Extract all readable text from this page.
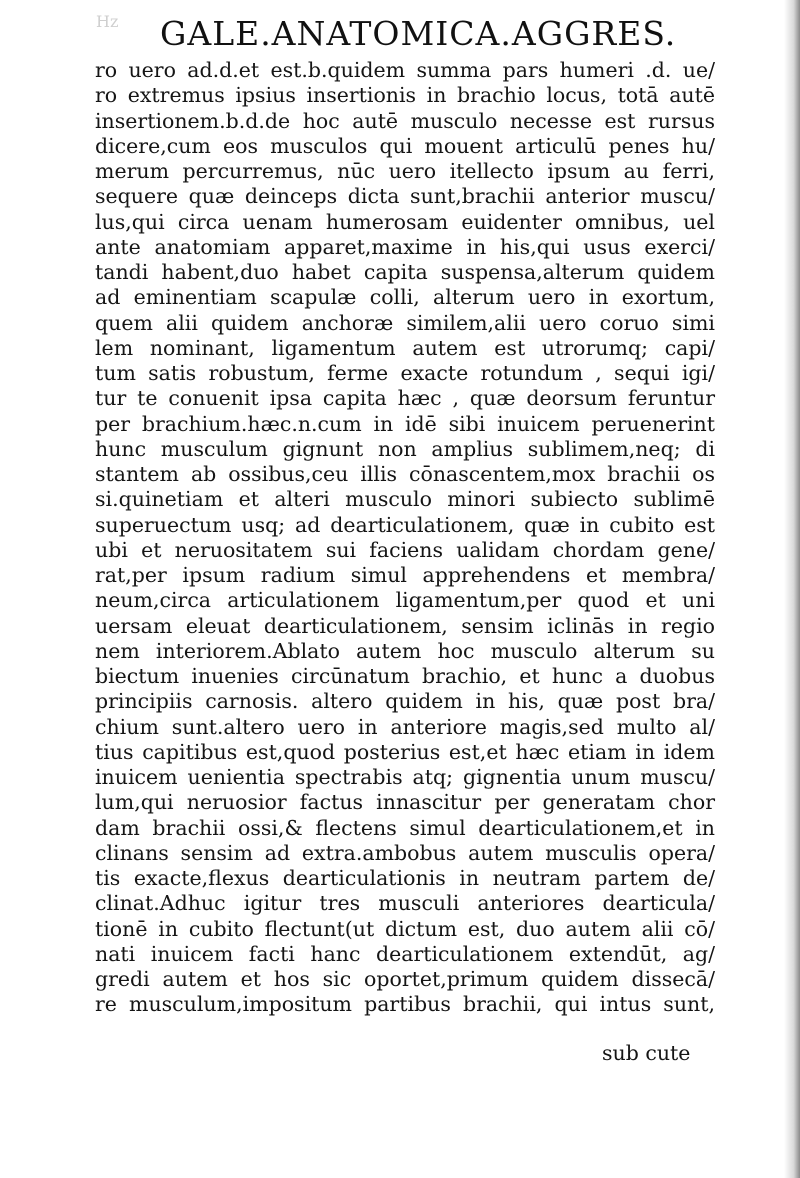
Hz	GALE.ANATOMICA.AGGRES.
ro uero ad.d.et est.b.quidem summa pars humeri .d. ue/
ro extremus ipsius insertionis in brachio locus, totā autē
insertionem.b.d.de hoc autē musculo necesse est rursus
dicere,cum eos musculos qui mouent articulū penes hu/
merum percurremus, nūc uero itellecto ipsum au ferri,
sequere quæ deinceps dicta sunt,brachii anterior muscu/
lus,qui circa uenam humerosam euidenter omnibus, uel
ante anatomiam apparet,maxime in his,qui usus exerci/
tandi habent,duo habet capita suspensa,alterum quidem
ad eminentiam scapulæ colli, alterum uero in exortum,
quem alii quidem anchoræ similem,alii uero coruo simi
lem nominant, ligamentum autem est utrorumq; capi/
tum satis robustum, ferme exacte rotundum , sequi igi/
tur te conuenit ipsa capita hæc , quæ deorsum feruntur
per brachium.hæc.n.cum in idē sibi inuicem peruenerint
hunc musculum gignunt non amplius sublimem,neq; di
stantem ab ossibus,ceu illis cōnascentem,mox brachii os
si.quinetiam et alteri musculo minori subiecto sublimē
superuectum usq; ad dearticulationem, quæ in cubito est
ubi et neruositatem sui faciens ualidam chordam gene/
rat,per ipsum radium simul apprehendens et membra/
neum,circa articulationem ligamentum,per quod et uni
uersam eleuat dearticulationem, sensim iclinās in regio
nem interiorem.Ablato autem hoc musculo alterum su
biectum inuenies circūnatum brachio, et hunc a duobus
principiis carnosis. altero quidem in his, quæ post bra/
chium sunt.altero uero in anteriore magis,sed multo al/
tius capitibus est,quod posterius est,et hæc etiam in idem
inuicem uenientia spectrabis atq; gignentia unum muscu/
lum,qui neruosior factus innascitur per generatam chor
dam brachii ossi,& flectens simul dearticulationem,et in
clinans sensim ad extra.ambobus autem musculis opera/
tis exacte,flexus dearticulationis in neutram partem de/
clinat.Adhuc igitur tres musculi anteriores dearticula/
tionē in cubito flectunt(ut dictum est, duo autem alii cō/
nati inuicem facti hanc dearticulationem extendūt, ag/
gredi autem et hos sic oportet,primum quidem dissecā/
re musculum,impositum partibus brachii, qui intus sunt,
sub cute
